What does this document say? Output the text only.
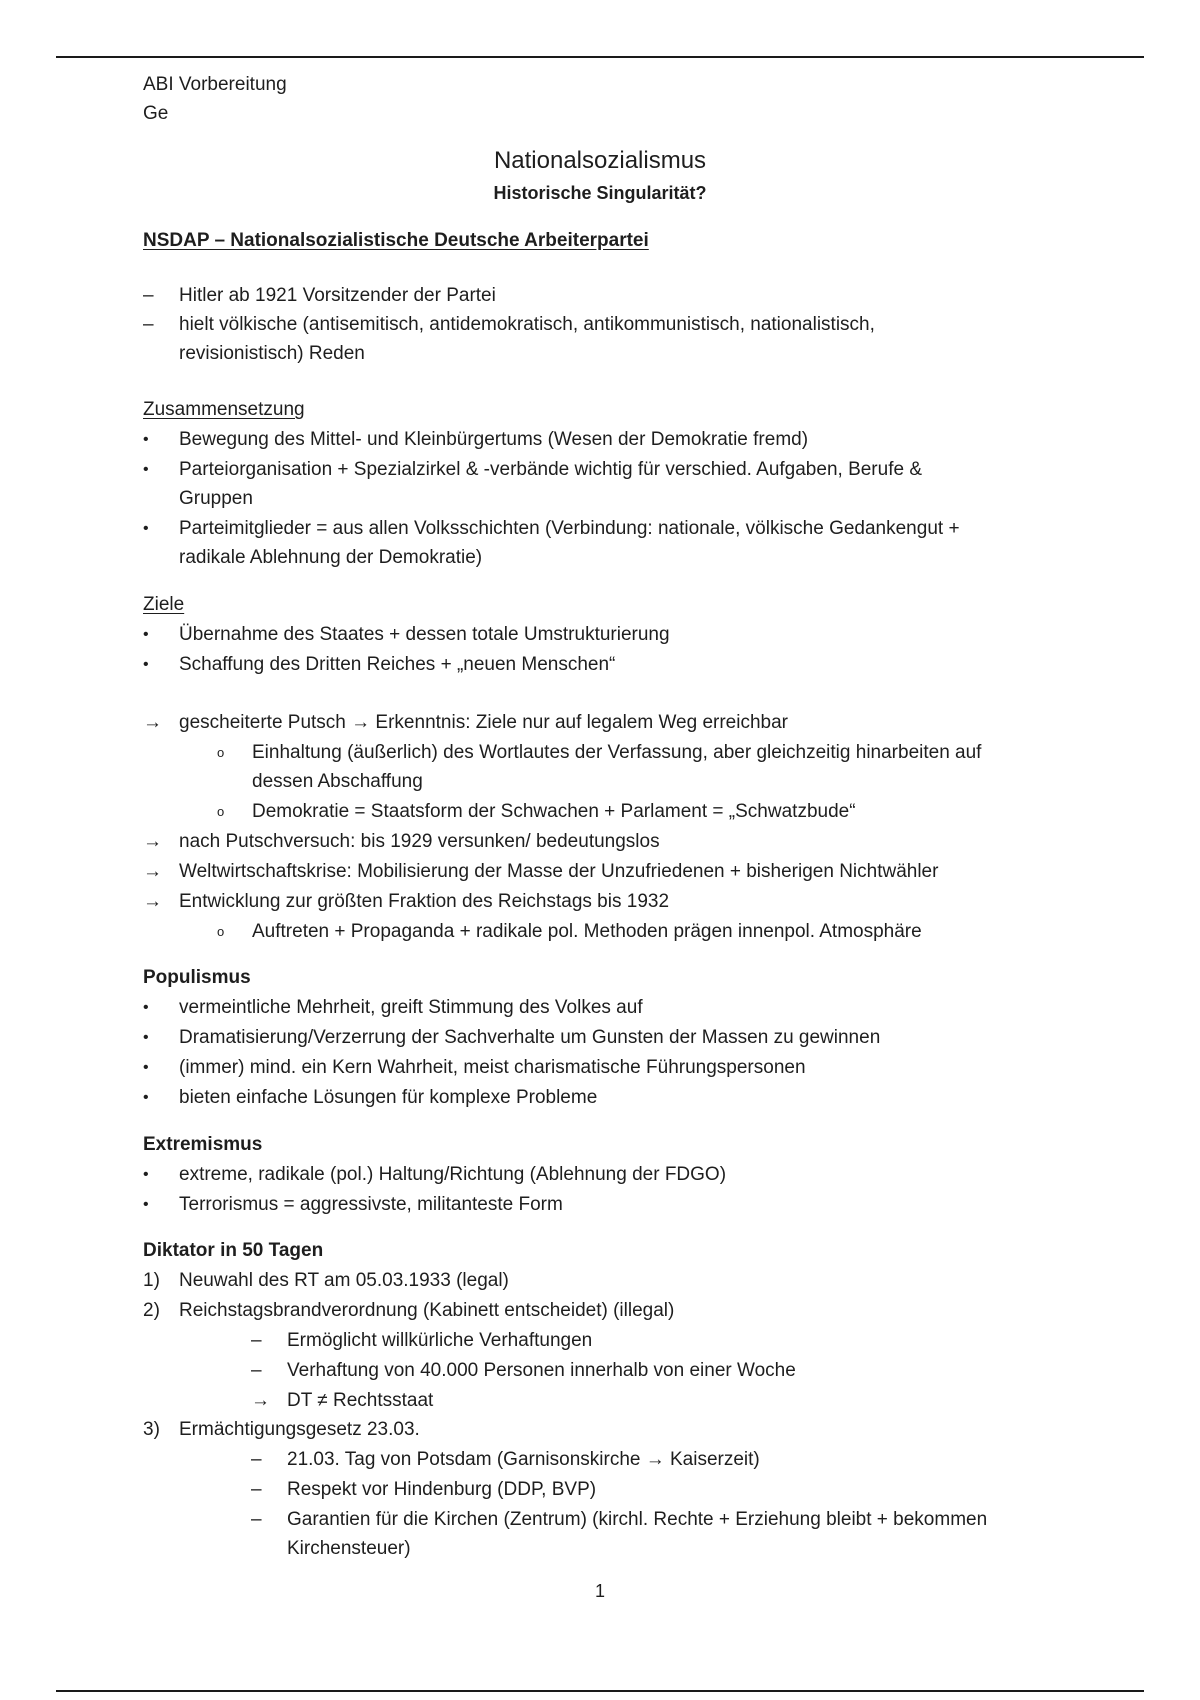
ABI Vorbereitung
Ge
Nationalsozialismus
Historische Singularität?
NSDAP – Nationalsozialistische Deutsche Arbeiterpartei
– Hitler ab 1921 Vorsitzender der Partei
– hielt völkische (antisemitisch, antidemokratisch, antikommunistisch, nationalistisch,
revisionistisch) Reden
Zusammensetzung
• Bewegung des Mittel- und Kleinbürgertums (Wesen der Demokratie fremd)
• Parteiorganisation + Spezialzirkel & -verbände wichtig für verschied. Aufgaben, Berufe &
Gruppen
• Parteimitglieder = aus allen Volksschichten (Verbindung: nationale, völkische Gedankengut +
radikale Ablehnung der Demokratie)
Ziele
• Übernahme des Staates + dessen totale Umstrukturierung
• Schaffung des Dritten Reiches + „neuen Menschen“
→ gescheiterte Putsch → Erkenntnis: Ziele nur auf legalem Weg erreichbar
o Einhaltung (äußerlich) des Wortlautes der Verfassung, aber gleichzeitig hinarbeiten auf
dessen Abschaffung
o Demokratie = Staatsform der Schwachen + Parlament = „Schwatzbude“
→ nach Putschversuch: bis 1929 versunken/ bedeutungslos
→ Weltwirtschaftskrise: Mobilisierung der Masse der Unzufriedenen + bisherigen Nichtwähler
→ Entwicklung zur größten Fraktion des Reichstags bis 1932
o Auftreten + Propaganda + radikale pol. Methoden prägen innenpol. Atmosphäre
Populismus
• vermeintliche Mehrheit, greift Stimmung des Volkes auf
• Dramatisierung/Verzerrung der Sachverhalte um Gunsten der Massen zu gewinnen
• (immer) mind. ein Kern Wahrheit, meist charismatische Führungspersonen
• bieten einfache Lösungen für komplexe Probleme
Extremismus
• extreme, radikale (pol.) Haltung/Richtung (Ablehnung der FDGO)
• Terrorismus = aggressivste, militanteste Form
Diktator in 50 Tagen
1) Neuwahl des RT am 05.03.1933 (legal)
2) Reichstagsbrandverordnung (Kabinett entscheidet) (illegal)
– Ermöglicht willkürliche Verhaftungen
– Verhaftung von 40.000 Personen innerhalb von einer Woche
→ DT ≠ Rechtsstaat
3) Ermächtigungsgesetz 23.03.
– 21.03. Tag von Potsdam (Garnisonskirche → Kaiserzeit)
– Respekt vor Hindenburg (DDP, BVP)
– Garantien für die Kirchen (Zentrum) (kirchl. Rechte + Erziehung bleibt + bekommen
Kirchensteuer)
1
